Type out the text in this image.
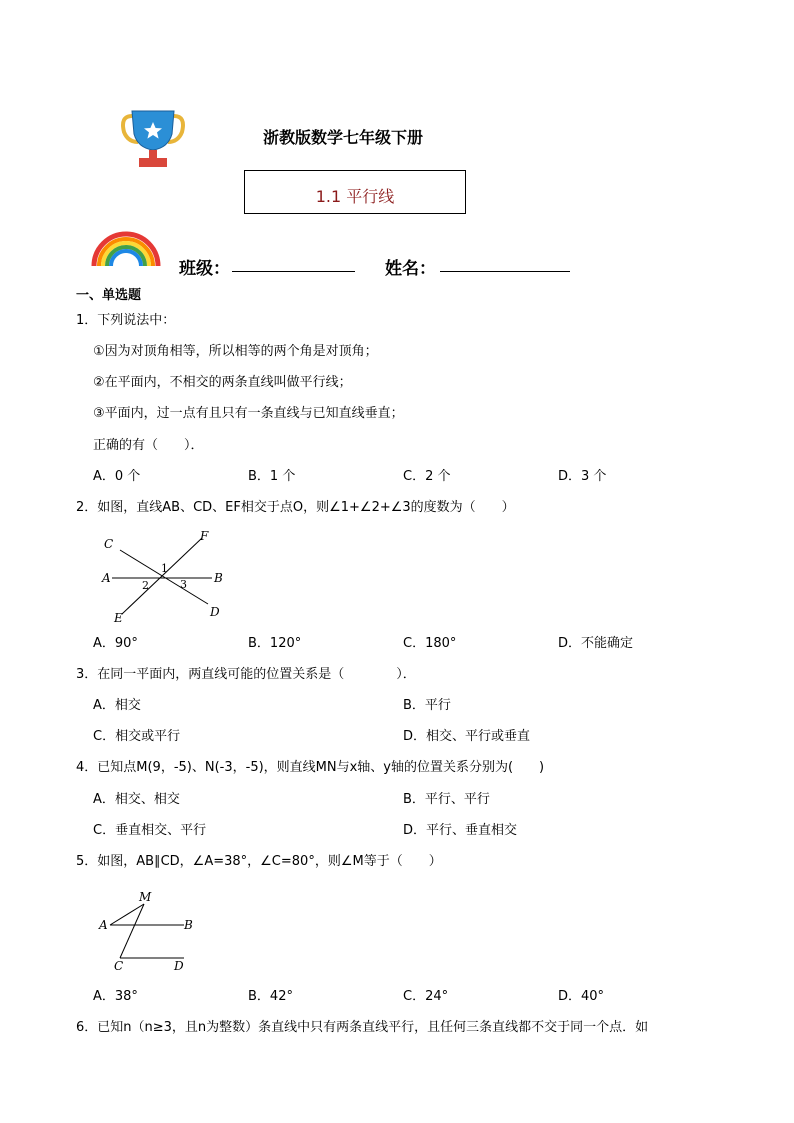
浙教版数学七年级下册
1.1 平行线
班级：	姓名：
一、单选题
1．下列说法中：
①因为对顶角相等，所以相等的两个角是对顶角；
②在平面内，不相交的两条直线叫做平行线；
③平面内，过一点有且只有一条直线与已知直线垂直；
正确的有（　　）．
A．0 个	B．1 个	C．2 个	D．3 个
2．如图，直线AB、CD、EF相交于点O，则∠1+∠2+∠3的度数为（　　）
C
F
A	B
E	D
1
2	3
A．90°	B．120°	C．180°	D．不能确定
3．在同一平面内，两直线可能的位置关系是（　　　　）．
A．相交	B．平行
C．相交或平行	D．相交、平行或垂直
4．已知点M(9，-5)、N(-3，-5)，则直线MN与x轴、y轴的位置关系分别为(　　)
A．相交、相交	B．平行、平行
C．垂直相交、平行	D．平行、垂直相交
5．如图，AB∥CD，∠A=38°，∠C=80°，则∠M等于（　　）
M
A	B
C	D
A．38°	B．42°	C．24°	D．40°
6．已知n（n≥3，且n为整数）条直线中只有两条直线平行，且任何三条直线都不交于同一个点．如
